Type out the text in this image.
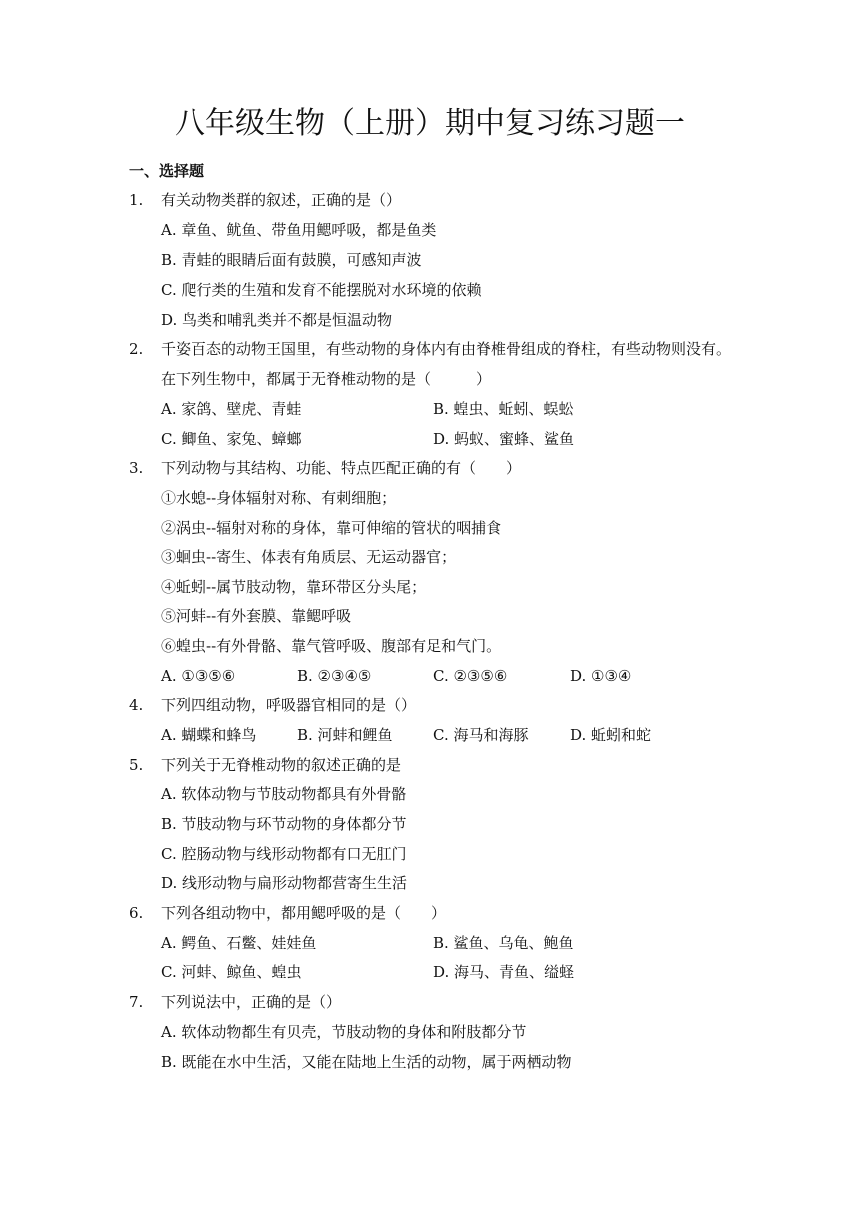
八年级生物（上册）期中复习练习题一
一、选择题
1. 有关动物类群的叙述，正确的是（）
A. 章鱼、鱿鱼、带鱼用鳃呼吸，都是鱼类
B. 青蛙的眼睛后面有鼓膜，可感知声波
C. 爬行类的生殖和发育不能摆脱对水环境的依赖
D. 鸟类和哺乳类并不都是恒温动物
2. 千姿百态的动物王国里，有些动物的身体内有由脊椎骨组成的脊柱，有些动物则没有。
在下列生物中，都属于无脊椎动物的是（　　　）
A. 家鸽、壁虎、青蛙	B. 蝗虫、蚯蚓、蜈蚣
C. 鲫鱼、家兔、蟑螂	D. 蚂蚁、蜜蜂、鲨鱼
3. 下列动物与其结构、功能、特点匹配正确的有（　　）
①水螅--身体辐射对称、有刺细胞；
②涡虫--辐射对称的身体，靠可伸缩的管状的咽捕食
③蛔虫--寄生、体表有角质层、无运动器官；
④蚯蚓--属节肢动物，靠环带区分头尾；
⑤河蚌--有外套膜、靠鳃呼吸
⑥蝗虫--有外骨骼、靠气管呼吸、腹部有足和气门。
A. ①③⑤⑥	B. ②③④⑤	C. ②③⑤⑥	D. ①③④
4. 下列四组动物，呼吸器官相同的是（）
A. 蝴蝶和蜂鸟	B. 河蚌和鲤鱼	C. 海马和海豚	D. 蚯蚓和蛇
5. 下列关于无脊椎动物的叙述正确的是
A. 软体动物与节肢动物都具有外骨骼
B. 节肢动物与环节动物的身体都分节
C. 腔肠动物与线形动物都有口无肛门
D. 线形动物与扁形动物都营寄生生活
6. 下列各组动物中，都用鳃呼吸的是（　　）
A. 鳄鱼、石鳖、娃娃鱼	B. 鲨鱼、乌龟、鲍鱼
C. 河蚌、鲸鱼、蝗虫	D. 海马、青鱼、缢蛏
7. 下列说法中，正确的是（）
A. 软体动物都生有贝壳，节肢动物的身体和附肢都分节
B. 既能在水中生活，又能在陆地上生活的动物，属于两栖动物
